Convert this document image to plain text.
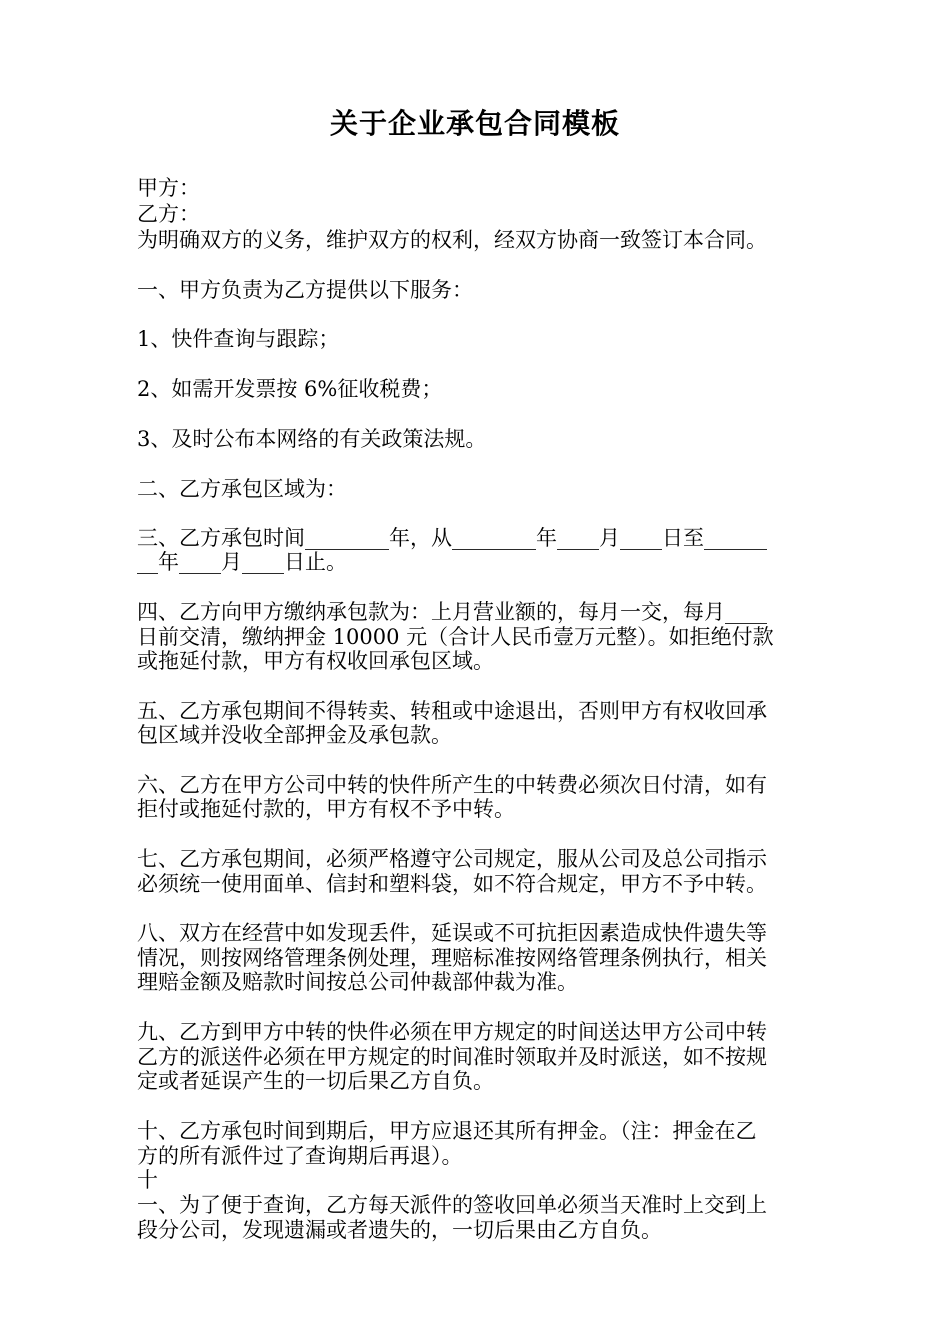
关于企业承包合同模板
甲方：
乙方：
为明确双方的义务，维护双方的权利，经双方协商一致签订本合同。
一、甲方负责为乙方提供以下服务：
1、快件查询与跟踪；
2、如需开发票按 6%征收税费；
3、及时公布本网络的有关政策法规。
二、乙方承包区域为：
三、乙方承包时间________年，从________年____月____日至______
__年____月____日止。
四、乙方向甲方缴纳承包款为：上月营业额的，每月一交，每月____
日前交清，缴纳押金 10000 元（合计人民币壹万元整）。如拒绝付款
或拖延付款，甲方有权收回承包区域。
五、乙方承包期间不得转卖、转租或中途退出，否则甲方有权收回承
包区域并没收全部押金及承包款。
六、乙方在甲方公司中转的快件所产生的中转费必须次日付清，如有
拒付或拖延付款的，甲方有权不予中转。
七、乙方承包期间，必须严格遵守公司规定，服从公司及总公司指示
必须统一使用面单、信封和塑料袋，如不符合规定，甲方不予中转。
八、双方在经营中如发现丢件，延误或不可抗拒因素造成快件遗失等
情况，则按网络管理条例处理，理赔标准按网络管理条例执行，相关
理赔金额及赔款时间按总公司仲裁部仲裁为准。
九、乙方到甲方中转的快件必须在甲方规定的时间送达甲方公司中转
乙方的派送件必须在甲方规定的时间准时领取并及时派送，如不按规
定或者延误产生的一切后果乙方自负。
十、乙方承包时间到期后，甲方应退还其所有押金。（注：押金在乙
方的所有派件过了查询期后再退）。
十
一、为了便于查询，乙方每天派件的签收回单必须当天准时上交到上
段分公司，发现遗漏或者遗失的，一切后果由乙方自负。
